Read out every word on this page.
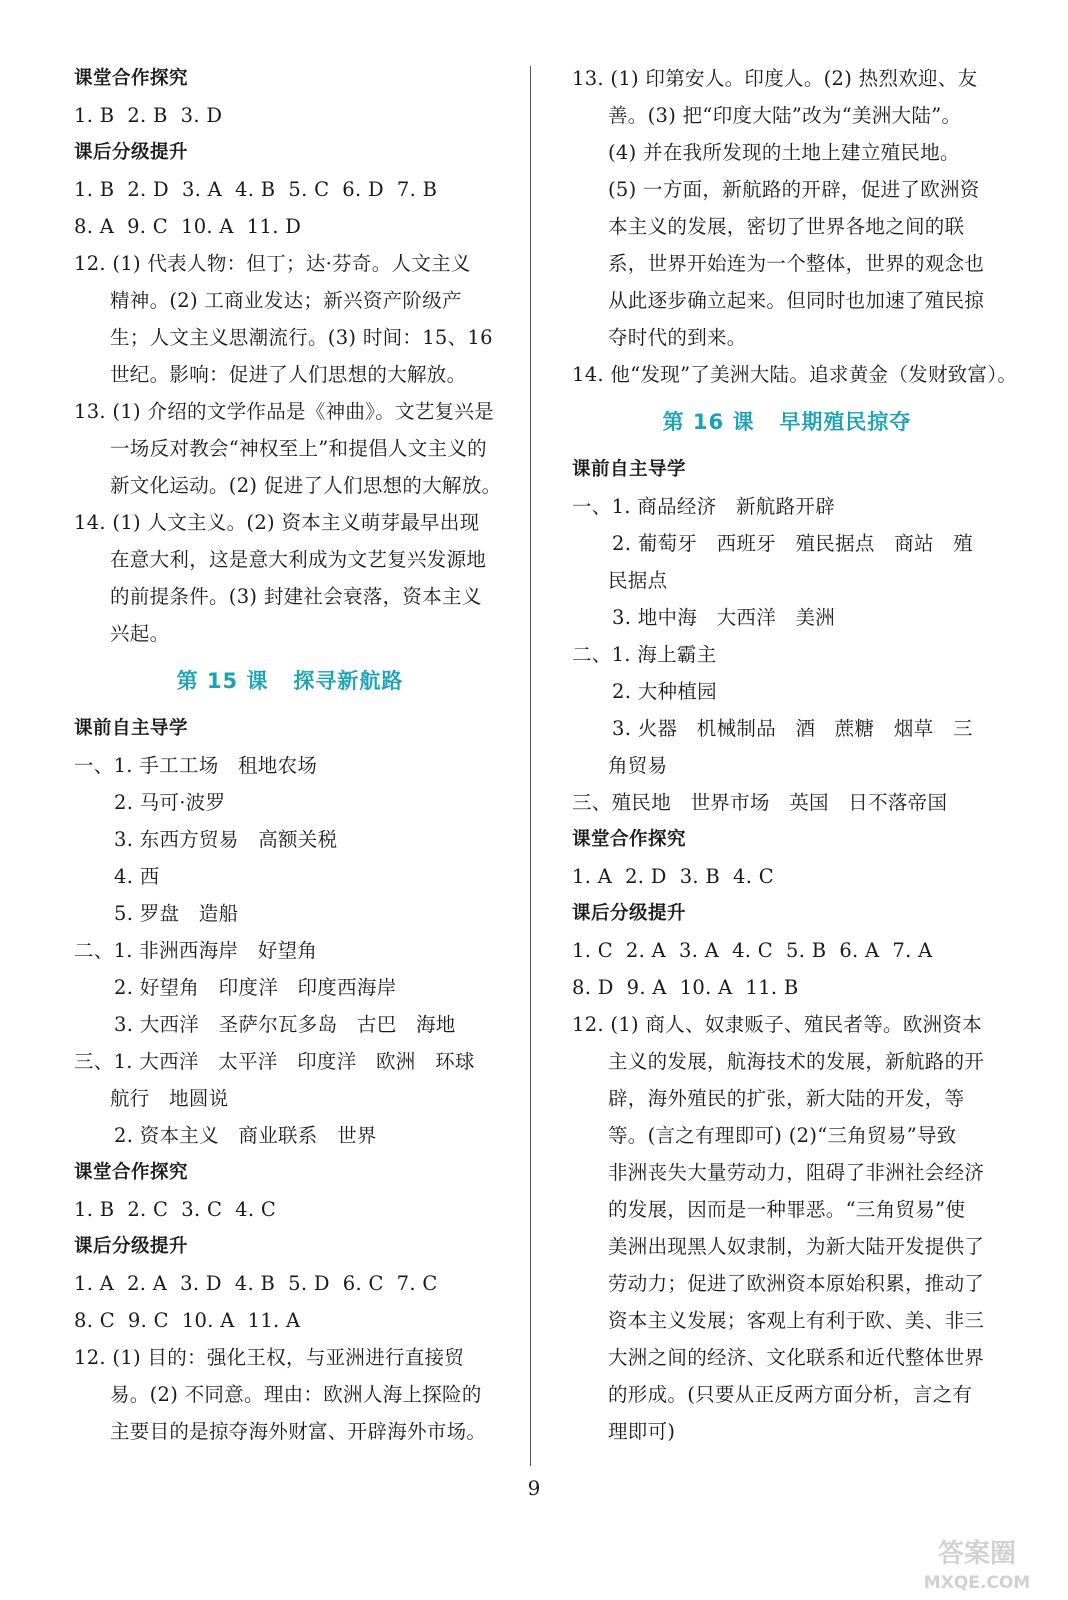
课堂合作探究
1. B  2. B  3. D
课后分级提升
1. B  2. D  3. A  4. B  5. C  6. D  7. B
8. A  9. C  10. A  11. D
12. (1) 代表人物：但丁；达·芬奇。人文主义
精神。(2) 工商业发达；新兴资产阶级产
生；人文主义思潮流行。(3) 时间：15、16
世纪。影响：促进了人们思想的大解放。
13. (1) 介绍的文学作品是《神曲》。文艺复兴是
一场反对教会“神权至上”和提倡人文主义的
新文化运动。(2) 促进了人们思想的大解放。
14. (1) 人文主义。(2) 资本主义萌芽最早出现
在意大利，这是意大利成为文艺复兴发源地
的前提条件。(3) 封建社会衰落，资本主义
兴起。
第 15 课   探寻新航路
课前自主导学
一、1. 手工工场   租地农场
2. 马可·波罗
3. 东西方贸易   高额关税
4. 西
5. 罗盘   造船
二、1. 非洲西海岸   好望角
2. 好望角   印度洋   印度西海岸
3. 大西洋   圣萨尔瓦多岛   古巴   海地
三、1. 大西洋   太平洋   印度洋   欧洲   环球
航行   地圆说
2. 资本主义   商业联系   世界
课堂合作探究
1. B  2. C  3. C  4. C
课后分级提升
1. A  2. A  3. D  4. B  5. D  6. C  7. C
8. C  9. C  10. A  11. A
12. (1) 目的：强化王权，与亚洲进行直接贸
易。(2) 不同意。理由：欧洲人海上探险的
主要目的是掠夺海外财富、开辟海外市场。
13. (1) 印第安人。印度人。(2) 热烈欢迎、友
善。(3) 把“印度大陆”改为“美洲大陆”。
(4) 并在我所发现的土地上建立殖民地。
(5) 一方面，新航路的开辟，促进了欧洲资
本主义的发展，密切了世界各地之间的联
系，世界开始连为一个整体，世界的观念也
从此逐步确立起来。但同时也加速了殖民掠
夺时代的到来。
14. 他“发现”了美洲大陆。追求黄金（发财致富）。
第 16 课   早期殖民掠夺
课前自主导学
一、1. 商品经济   新航路开辟
2. 葡萄牙   西班牙   殖民据点   商站   殖
民据点
3. 地中海   大西洋   美洲
二、1. 海上霸主
2. 大种植园
3. 火器   机械制品   酒   蔗糖   烟草   三
角贸易
三、殖民地   世界市场   英国   日不落帝国
课堂合作探究
1. A  2. D  3. B  4. C
课后分级提升
1. C  2. A  3. A  4. C  5. B  6. A  7. A
8. D  9. A  10. A  11. B
12. (1) 商人、奴隶贩子、殖民者等。欧洲资本
主义的发展，航海技术的发展，新航路的开
辟，海外殖民的扩张，新大陆的开发，等
等。(言之有理即可) (2)“三角贸易”导致
非洲丧失大量劳动力，阻碍了非洲社会经济
的发展，因而是一种罪恶。“三角贸易”使
美洲出现黑人奴隶制，为新大陆开发提供了
劳动力；促进了欧洲资本原始积累，推动了
资本主义发展；客观上有利于欧、美、非三
大洲之间的经济、文化联系和近代整体世界
的形成。(只要从正反两方面分析，言之有
理即可)
9
答案圈
MXQE.COM
